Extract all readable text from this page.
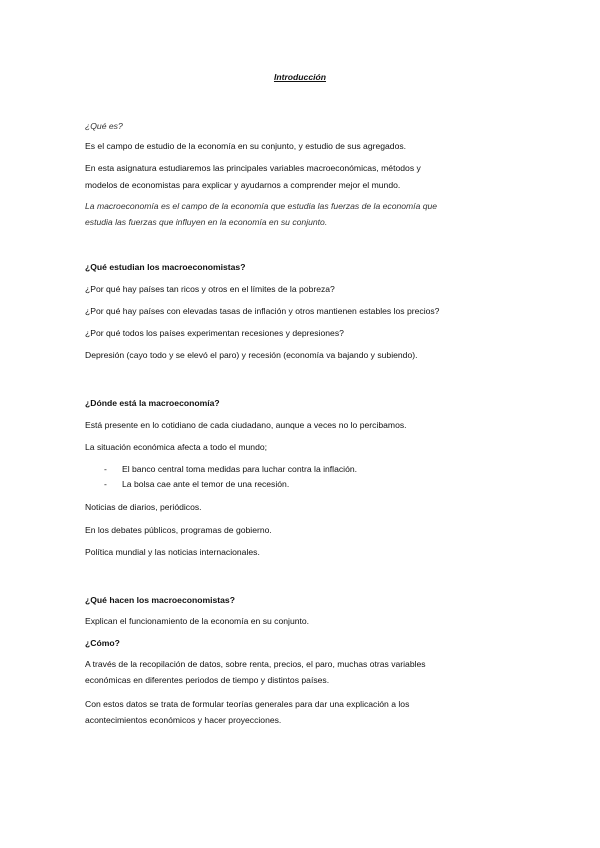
Introducción
¿Qué es?
Es el campo de estudio de la economía en su conjunto, y estudio de sus agregados.
En esta asignatura estudiaremos las principales variables macroeconómicas, métodos y
modelos de economistas para explicar y ayudarnos a comprender mejor el mundo.
La macroeconomía es el campo de la economía que estudia las fuerzas de la economía que
estudia las fuerzas que influyen en la economía en su conjunto.
¿Qué estudian los macroeconomistas?
¿Por qué hay países tan ricos y otros en el límites de la pobreza?
¿Por qué hay países con elevadas tasas de inflación y otros mantienen estables los precios?
¿Por qué todos los países experimentan recesiones y depresiones?
Depresión (cayo todo y se elevó el paro) y recesión (economía va bajando y subiendo).
¿Dónde está la macroeconomía?
Está presente en lo cotidiano de cada ciudadano, aunque a veces no lo percibamos.
La situación económica afecta a todo el mundo;
- El banco central toma medidas para luchar contra la inflación.
- La bolsa cae ante el temor de una recesión.
Noticias de diarios, periódicos.
En los debates públicos, programas de gobierno.
Política mundial y las noticias internacionales.
¿Qué hacen los macroeconomistas?
Explican el funcionamiento de la economía en su conjunto.
¿Cómo?
A través de la recopilación de datos, sobre renta, precios, el paro, muchas otras variables
económicas en diferentes periodos de tiempo y distintos países.
Con estos datos se trata de formular teorías generales para dar una explicación a los
acontecimientos económicos y hacer proyecciones.
